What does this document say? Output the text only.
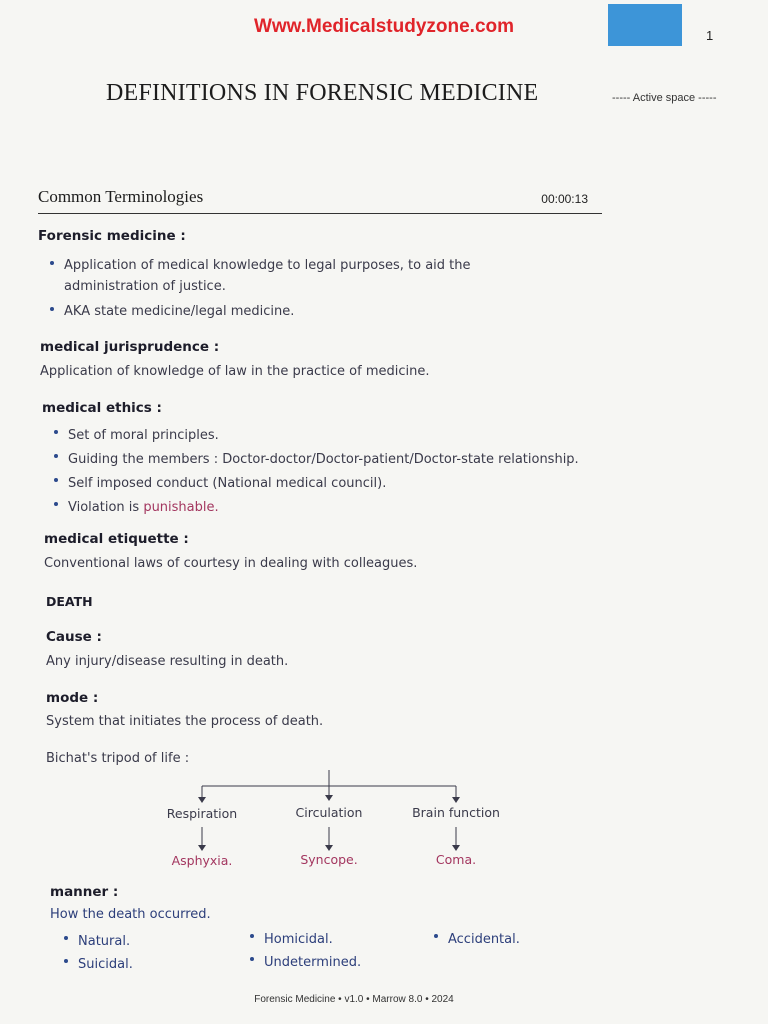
Www.Medicalstudyzone.com	1
DEFINITIONS IN FORENSIC MEDICINE	----- Active space -----
Common Terminologies	00:00:13
Forensic medicine :
Application of medical knowledge to legal purposes, to aid the administration of justice.
AKA state medicine/legal medicine.
medical jurisprudence :
Application of knowledge of law in the practice of medicine.
medical ethics :
Set of moral principles.
Guiding the members : Doctor-doctor/Doctor-patient/Doctor-state relationship.
Self imposed conduct (National medical council).
Violation is punishable.
medical etiquette :
Conventional laws of courtesy in dealing with colleagues.
DEATH
Cause :
Any injury/disease resulting in death.
mode :
System that initiates the process of death.
Bichat's tripod of life :
Respiration	Circulation	Brain function
Asphyxia.	Syncope.	Coma.
manner :
How the death occurred.
Natural.
Suicidal.
Homicidal.
Undetermined.
Accidental.
Forensic Medicine • v1.0 • Marrow 8.0 • 2024
